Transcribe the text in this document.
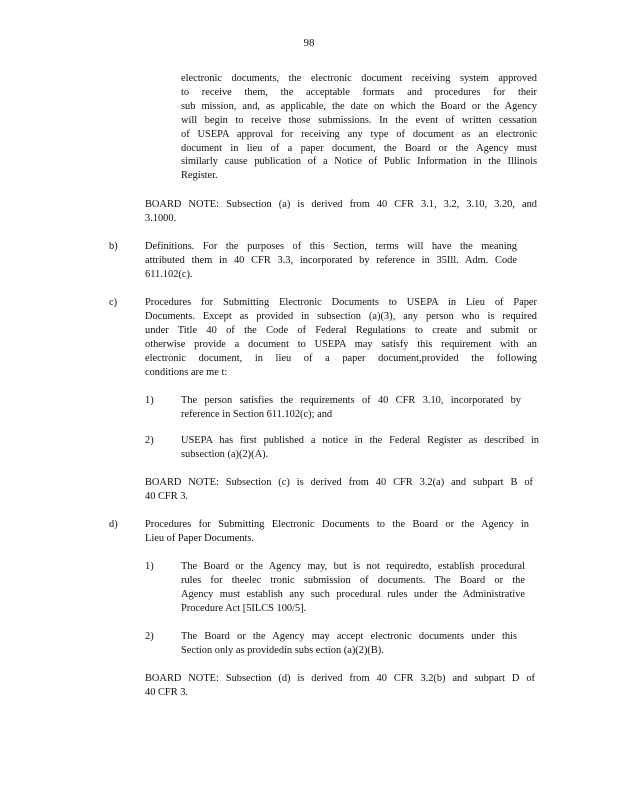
98
electronic documents, the electronic document receiving system approved
to receive them, the acceptable formats and procedures for their
sub mission, and, as applicable, the date on which the Board or the Agency
will begin to receive those submissions. In the event of written cessation
of USEPA approval for receiving any type of document as an electronic
document in lieu of a paper document, the Board or the Agency must
similarly cause publication of a Notice of Public Information in the Illinois
Register.
BOARD NOTE: Subsection (a) is derived from 40 CFR 3.1, 3.2, 3.10, 3.20, and
3.1000.
b)	Definitions. For the purposes of this Section, terms will have the meaning
attributed them in 40 CFR 3.3, incorporated by reference in 35Ill. Adm. Code
611.102(c).
c)	Procedures for Submitting Electronic Documents to USEPA in Lieu of Paper
Documents. Except as provided in subsection (a)(3), any person who is required
under Title 40 of the Code of Federal Regulations to create and submit or
otherwise provide a document to USEPA may satisfy this requirement with an
electronic document, in lieu of a paper document,provided the following
conditions are me t:
1)	The person satisfies the requirements of 40 CFR 3.10, incorporated by
reference in Section 611.102(c); and
2)	USEPA has first published a notice in the Federal Register as described in
subsection (a)(2)(A).
BOARD NOTE: Subsection (c) is derived from 40 CFR 3.2(a) and subpart B of
40 CFR 3.
d)	Procedures for Submitting Electronic Documents to the Board or the Agency in
Lieu of Paper Documents.
1)	The Board or the Agency may, but is not requiredto, establish procedural
rules for theelec tronic submission of documents. The Board or the
Agency must establish any such procedural rules under the Administrative
Procedure Act [5ILCS 100/5].
2)	The Board or the Agency may accept electronic documents under this
Section only as providedin subs ection (a)(2)(B).
BOARD NOTE: Subsection (d) is derived from 40 CFR 3.2(b) and subpart D of
40 CFR 3.
